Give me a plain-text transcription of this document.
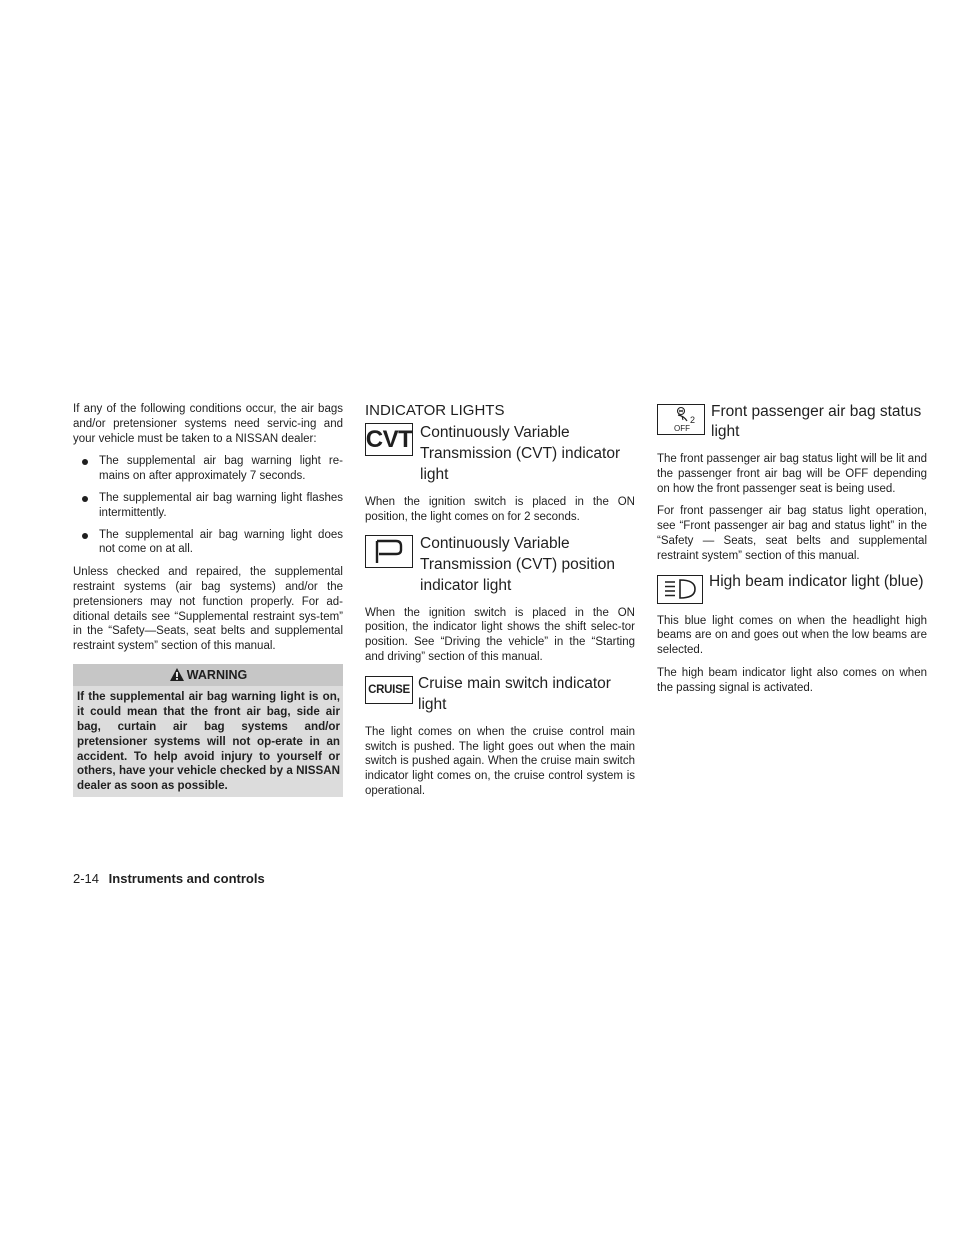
If any of the following conditions occur, the air bags and/or pretensioner systems need servic-ing and your vehicle must be taken to a NISSAN dealer:

The supplemental air bag warning light re-mains on after approximately 7 seconds.
The supplemental air bag warning light flashes intermittently.
The supplemental air bag warning light does not come on at all.

Unless checked and repaired, the supplemental restraint systems (air bag systems) and/or the pretensioners may not function properly. For ad-ditional details see “Supplemental restraint sys-tem” in the “Safety—Seats, seat belts and supplemental restraint system” section of this manual.

WARNING
If the supplemental air bag warning light is on, it could mean that the front air bag, side air bag, curtain air bag systems and/or pretensioner systems will not op-erate in an accident. To help avoid injury to yourself or others, have your vehicle checked by a NISSAN dealer as soon as possible.
INDICATOR LIGHTS
CVT Continuously Variable Transmission (CVT) indicator light

When the ignition switch is placed in the ON position, the light comes on for 2 seconds.

Continuously Variable Transmission (CVT) position indicator light

When the ignition switch is placed in the ON position, the indicator light shows the shift selec-tor position. See “Driving the vehicle” in the “Starting and driving” section of this manual.

CRUISE Cruise main switch indicator light

The light comes on when the cruise control main switch is pushed. The light goes out when the main switch is pushed again. When the cruise main switch indicator light comes on, the cruise control system is operational.

2
OFF
Front passenger air bag status light

The front passenger air bag status light will be lit and the passenger front air bag will be OFF depending on how the front passenger seat is being used.

For front passenger air bag status light operation, see “Front passenger air bag and status light” in the “Safety — Seats, seat belts and supplemental restraint system” section of this manual.

High beam indicator light (blue)

This blue light comes on when the headlight high beams are on and goes out when the low beams are selected.

The high beam indicator light also comes on when the passing signal is activated.

2-14 Instruments and controls
